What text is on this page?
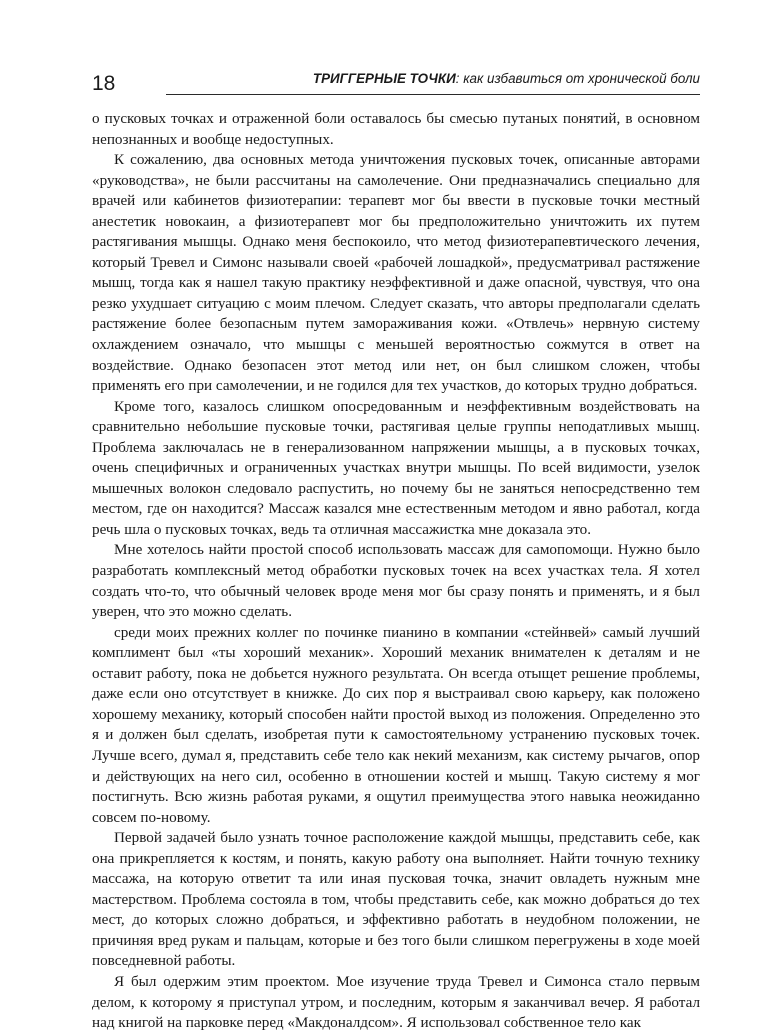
18	ТРИГГЕРНЫЕ ТОЧКИ: как избавиться от хронической боли

о пусковых точках и отраженной боли оставалось бы смесью путаных понятий, в основном непознанных и вообще недоступных.

К сожалению, два основных метода уничтожения пусковых точек, описанные авторами «руководства», не были рассчитаны на самолечение. Они предназначались специально для врачей или кабинетов физиотерапии: терапевт мог бы ввести в пусковые точки местный анестетик новокаин, а физиотерапевт мог бы предположительно уничтожить их путем растягивания мышцы. Однако меня беспокоило, что метод физиотерапевтического лечения, который Тревел и Симонс называли своей «рабочей лошадкой», предусматривал растяжение мышц, тогда как я нашел такую практику неэффективной и даже опасной, чувствуя, что она резко ухудшает ситуацию с моим плечом. Следует сказать, что авторы предполагали сделать растяжение более безопасным путем замораживания кожи. «Отвлечь» нервную систему охлаждением означало, что мышцы с меньшей вероятностью сожмутся в ответ на воздействие. Однако безопасен этот метод или нет, он был слишком сложен, чтобы применять его при самолечении, и не годился для тех участков, до которых трудно добраться.

Кроме того, казалось слишком опосредованным и неэффективным воздействовать на сравнительно небольшие пусковые точки, растягивая целые группы неподатливых мышц. Проблема заключалась не в генерализованном напряжении мышцы, а в пусковых точках, очень специфичных и ограниченных участках внутри мышцы. По всей видимости, узелок мышечных волокон следовало распустить, но почему бы не заняться непосредственно тем местом, где он находится? Массаж казался мне естественным методом и явно работал, когда речь шла о пусковых точках, ведь та отличная массажистка мне доказала это.

Мне хотелось найти простой способ использовать массаж для самопомощи. Нужно было разработать комплексный метод обработки пусковых точек на всех участках тела. Я хотел создать что-то, что обычный человек вроде меня мог бы сразу понять и применять, и я был уверен, что это можно сделать.

среди моих прежних коллег по починке пианино в компании «стейнвей» самый лучший комплимент был «ты хороший механик». Хороший механик внимателен к деталям и не оставит работу, пока не добьется нужного результата. Он всегда отыщет решение проблемы, даже если оно отсутствует в книжке. До сих пор я выстраивал свою карьеру, как положено хорошему механику, который способен найти простой выход из положения. Определенно это я и должен был сделать, изобретая пути к самостоятельному устранению пусковых точек. Лучше всего, думал я, представить себе тело как некий механизм, как систему рычагов, опор и действующих на него сил, особенно в отношении костей и мышц. Такую систему я мог постигнуть. Всю жизнь работая руками, я ощутил преимущества этого навыка неожиданно совсем по-новому.

Первой задачей было узнать точное расположение каждой мышцы, представить себе, как она прикрепляется к костям, и понять, какую работу она выполняет. Найти точную технику массажа, на которую ответит та или иная пусковая точка, значит овладеть нужным мне мастерством. Проблема состояла в том, чтобы представить себе, как можно добраться до тех мест, до которых сложно добраться, и эффективно работать в неудобном положении, не причиняя вред рукам и пальцам, которые и без того были слишком перегружены в ходе моей повседневной работы.

Я был одержим этим проектом. Мое изучение труда Тревел и Симонса стало первым делом, к которому я приступал утром, и последним, которым я заканчивал вечер. Я работал над книгой на парковке перед «Макдоналдсом». Я использовал собственное тело как
